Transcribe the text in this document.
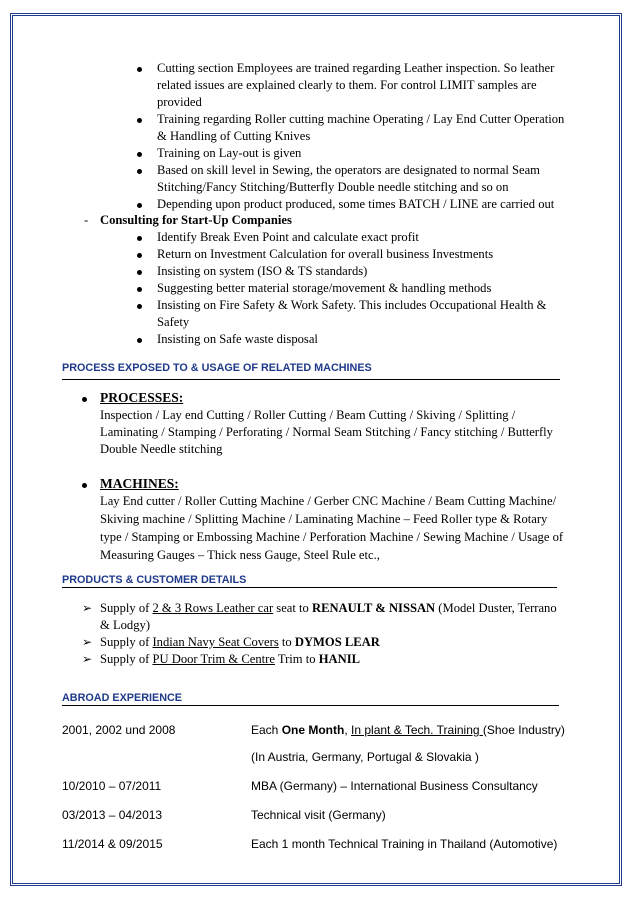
Cutting section Employees are trained regarding Leather inspection. So leather
related issues are explained clearly to them. For control LIMIT samples are
provided
Training regarding Roller cutting machine Operating / Lay End Cutter Operation
& Handling of Cutting Knives
Training on Lay-out is given
Based on skill level in Sewing, the operators are designated to normal Seam
Stitching/Fancy Stitching/Butterfly Double needle stitching and so on
Depending upon product produced, some times BATCH / LINE are carried out
- Consulting for Start-Up Companies
Identify Break Even Point and calculate exact profit
Return on Investment Calculation for overall business Investments
Insisting on system (ISO & TS standards)
Suggesting better material storage/movement & handling methods
Insisting on Fire Safety & Work Safety. This includes Occupational Health &
Safety
Insisting on Safe waste disposal
PROCESS EXPOSED TO & USAGE OF RELATED MACHINES
PROCESSES:
Inspection / Lay end Cutting / Roller Cutting / Beam Cutting / Skiving / Splitting /
Laminating / Stamping / Perforating / Normal Seam Stitching / Fancy stitching / Butterfly
Double Needle stitching
MACHINES:
Lay End cutter / Roller Cutting Machine / Gerber CNC Machine / Beam Cutting Machine/
Skiving machine / Splitting Machine / Laminating Machine – Feed Roller type & Rotary
type / Stamping or Embossing Machine / Perforation Machine / Sewing Machine / Usage of
Measuring Gauges – Thick ness Gauge, Steel Rule etc.,
PRODUCTS & CUSTOMER DETAILS
➢ Supply of 2 & 3 Rows Leather car seat to RENAULT & NISSAN (Model Duster, Terrano
& Lodgy)
➢ Supply of Indian Navy Seat Covers to DYMOS LEAR
➢ Supply of PU Door Trim & Centre Trim to HANIL
ABROAD EXPERIENCE
2001, 2002 und 2008	Each One Month, In plant & Tech. Training (Shoe Industry)
(In Austria, Germany, Portugal & Slovakia )
10/2010 – 07/2011	MBA (Germany) – International Business Consultancy
03/2013 – 04/2013	Technical visit (Germany)
11/2014 & 09/2015	Each 1 month Technical Training in Thailand (Automotive)
